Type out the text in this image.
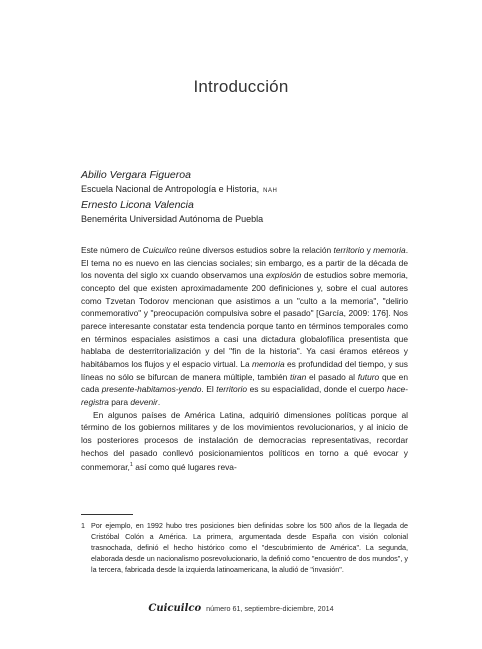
Introducción
Abilio Vergara Figueroa
Escuela Nacional de Antropología e Historia, NAH
Ernesto Licona Valencia
Benemérita Universidad Autónoma de Puebla

Este número de Cuicuilco reúne diversos estudios sobre la relación territorio y memoria. El tema no es nuevo en las ciencias sociales; sin embargo, es a partir de la década de los noventa del siglo xx cuando observamos una explosión de estudios sobre memoria, concepto del que existen aproximadamente 200 definiciones y, sobre el cual autores como Tzvetan Todorov mencionan que asistimos a un "culto a la memoria", "delirio conmemorativo" y "preocupación compulsiva sobre el pasado" [García, 2009: 176]. Nos parece interesante constatar esta tendencia porque tanto en términos temporales como en términos espaciales asistimos a casi una dictadura globalofílica presentista que hablaba de desterritorialización y del "fin de la historia". Ya casi éramos etéreos y habitábamos los flujos y el espacio virtual. La memoria es profundidad del tiempo, y sus líneas no sólo se bifurcan de manera múltiple, también tiran el pasado al futuro que en cada presente-habitamos-yendo. El territorio es su espacialidad, donde el cuerpo hace-registra para devenir.

En algunos países de América Latina, adquirió dimensiones políticas porque al término de los gobiernos militares y de los movimientos revolucionarios, y al inicio de los posteriores procesos de instalación de democracias representativas, recordar hechos del pasado conllevó posicionamientos políticos en torno a qué evocar y conmemorar,$^1$ así como qué lugares reva-

1 Por ejemplo, en 1992 hubo tres posiciones bien definidas sobre los 500 años de la llegada de Cristóbal Colón a América. La primera, argumentada desde España con visión colonial trasnochada, definió el hecho histórico como el "descubrimiento de América". La segunda, elaborada desde un nacionalismo posrevolucionario, la definió como "encuentro de dos mundos", y la tercera, fabricada desde la izquierda latinoamericana, la aludió de "invasión".
Cuicuilco número 61, septiembre-diciembre, 2014
